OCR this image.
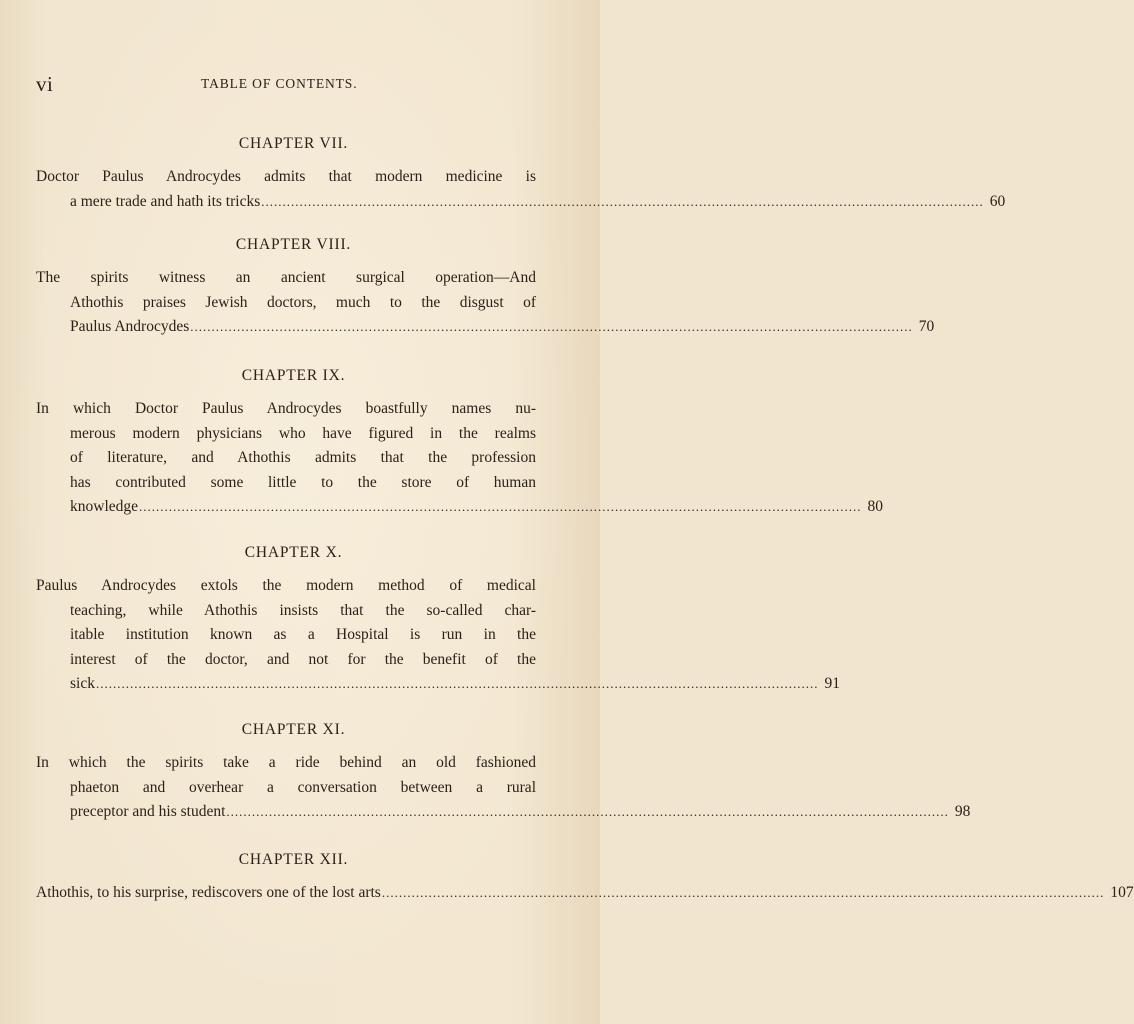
vi	TABLE OF CONTENTS.
CHAPTER VII.
Doctor Paulus Androcydes admits that modern medicine is
a mere trade and hath its tricks .....	60
CHAPTER VIII.
The spirits witness an ancient surgical operation—And
Athothis praises Jewish doctors, much to the disgust of
Paulus Androcydes .....	70
CHAPTER IX.
In which Doctor Paulus Androcydes boastfully names nu-
merous modern physicians who have figured in the realms
of literature, and Athothis admits that the profession
has contributed some little to the store of human
knowledge .....	80
CHAPTER X.
Paulus Androcydes extols the modern method of medical
teaching, while Athothis insists that the so-called char-
itable institution known as a Hospital is run in the
interest of the doctor, and not for the benefit of the
sick .....	91
CHAPTER XI.
In which the spirits take a ride behind an old fashioned
phaeton and overhear a conversation between a rural
preceptor and his student .....	98
CHAPTER XII.
Athothis, to his surprise, rediscovers one of the lost arts .....	107
